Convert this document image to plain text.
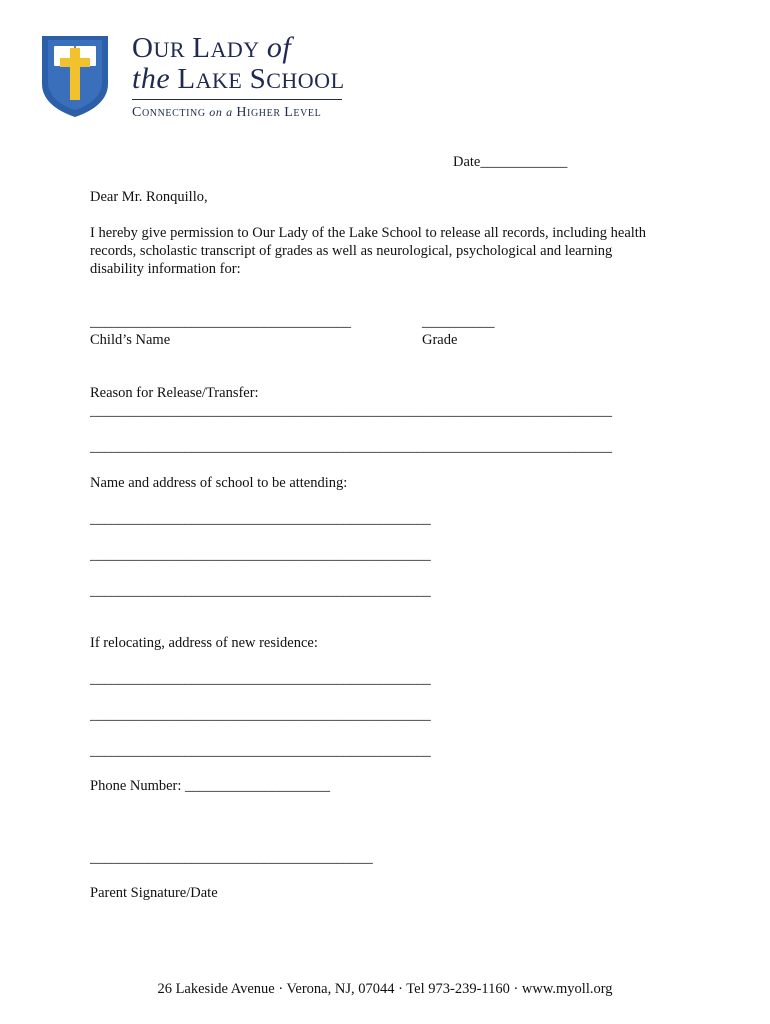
OUR LADY of
the LAKE SCHOOL
CONNECTING on a HIGHER LEVEL
Date____________
Dear Mr. Ronquillo,
I hereby give permission to Our Lady of the Lake School to release all records, including health
records, scholastic transcript of grades as well as neurological, psychological and learning
disability information for:
____________________________________	__________
Child’s Name	Grade
Reason for Release/Transfer:
________________________________________________________________________
________________________________________________________________________
Name and address of school to be attending:
_______________________________________________
_______________________________________________
_______________________________________________
If relocating, address of new residence:
_______________________________________________
_______________________________________________
_______________________________________________
Phone Number: ____________________
_______________________________________
Parent Signature/Date
26 Lakeside Avenue · Verona, NJ, 07044 · Tel 973-239-1160 · www.myoll.org
